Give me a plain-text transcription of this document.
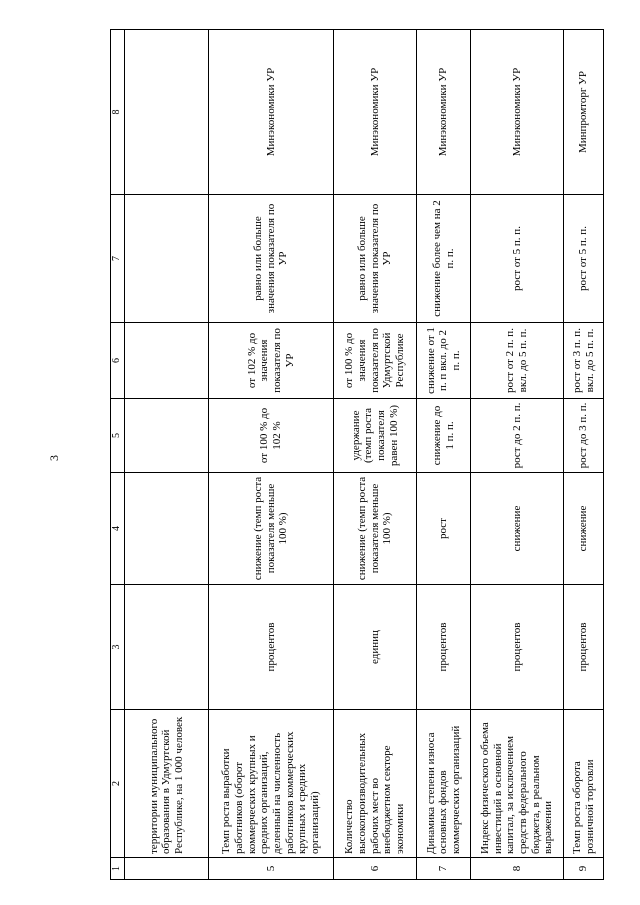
3
1	2	3	4	5	6	7	8
	территории муниципального образования в Удмуртской Республике, на 1 000 человек						
5	Темп роста выработки работников (оборот коммерческих крупных и средних организаций, деленный на численность работников коммерческих крупных и средних организаций)	процентов	снижение (темп роста показателя меньше 100 %)	от 100 % до 102 %	от 102 % до значения показателя по УР	равно или больше значения показателя по УР	Минэкономики УР
6	Количество высокопроизводительных рабочих мест во внебюджетном секторе экономики	единиц	снижение (темп роста показателя меньше 100 %)	удержание (темп роста показателя равен 100 %)	от 100 % до значения показателя по Удмуртской Республике	равно или больше значения показателя по УР	Минэкономики УР
7	Динамика степени износа основных фондов коммерческих организаций	процентов	рост	снижение до 1 п. п.	снижение от 1 п. п вкл. до 2 п. п.	снижение более чем на 2 п. п.	Минэкономики УР
8	Индекс физического объема инвестиций в основной капитал, за исключением средств федерального бюджета, в реальном выражении	процентов	снижение	рост до 2 п. п.	рост от 2 п. п. вкл. до 5 п. п.	рост от 5 п. п.	Минэкономики УР
9	Темп роста оборота розничной торговли	процентов	снижение	рост до 3 п. п.	рост от 3 п. п. вкл. до 5 п. п.	рост от 5 п. п.	Минпромторг УР
